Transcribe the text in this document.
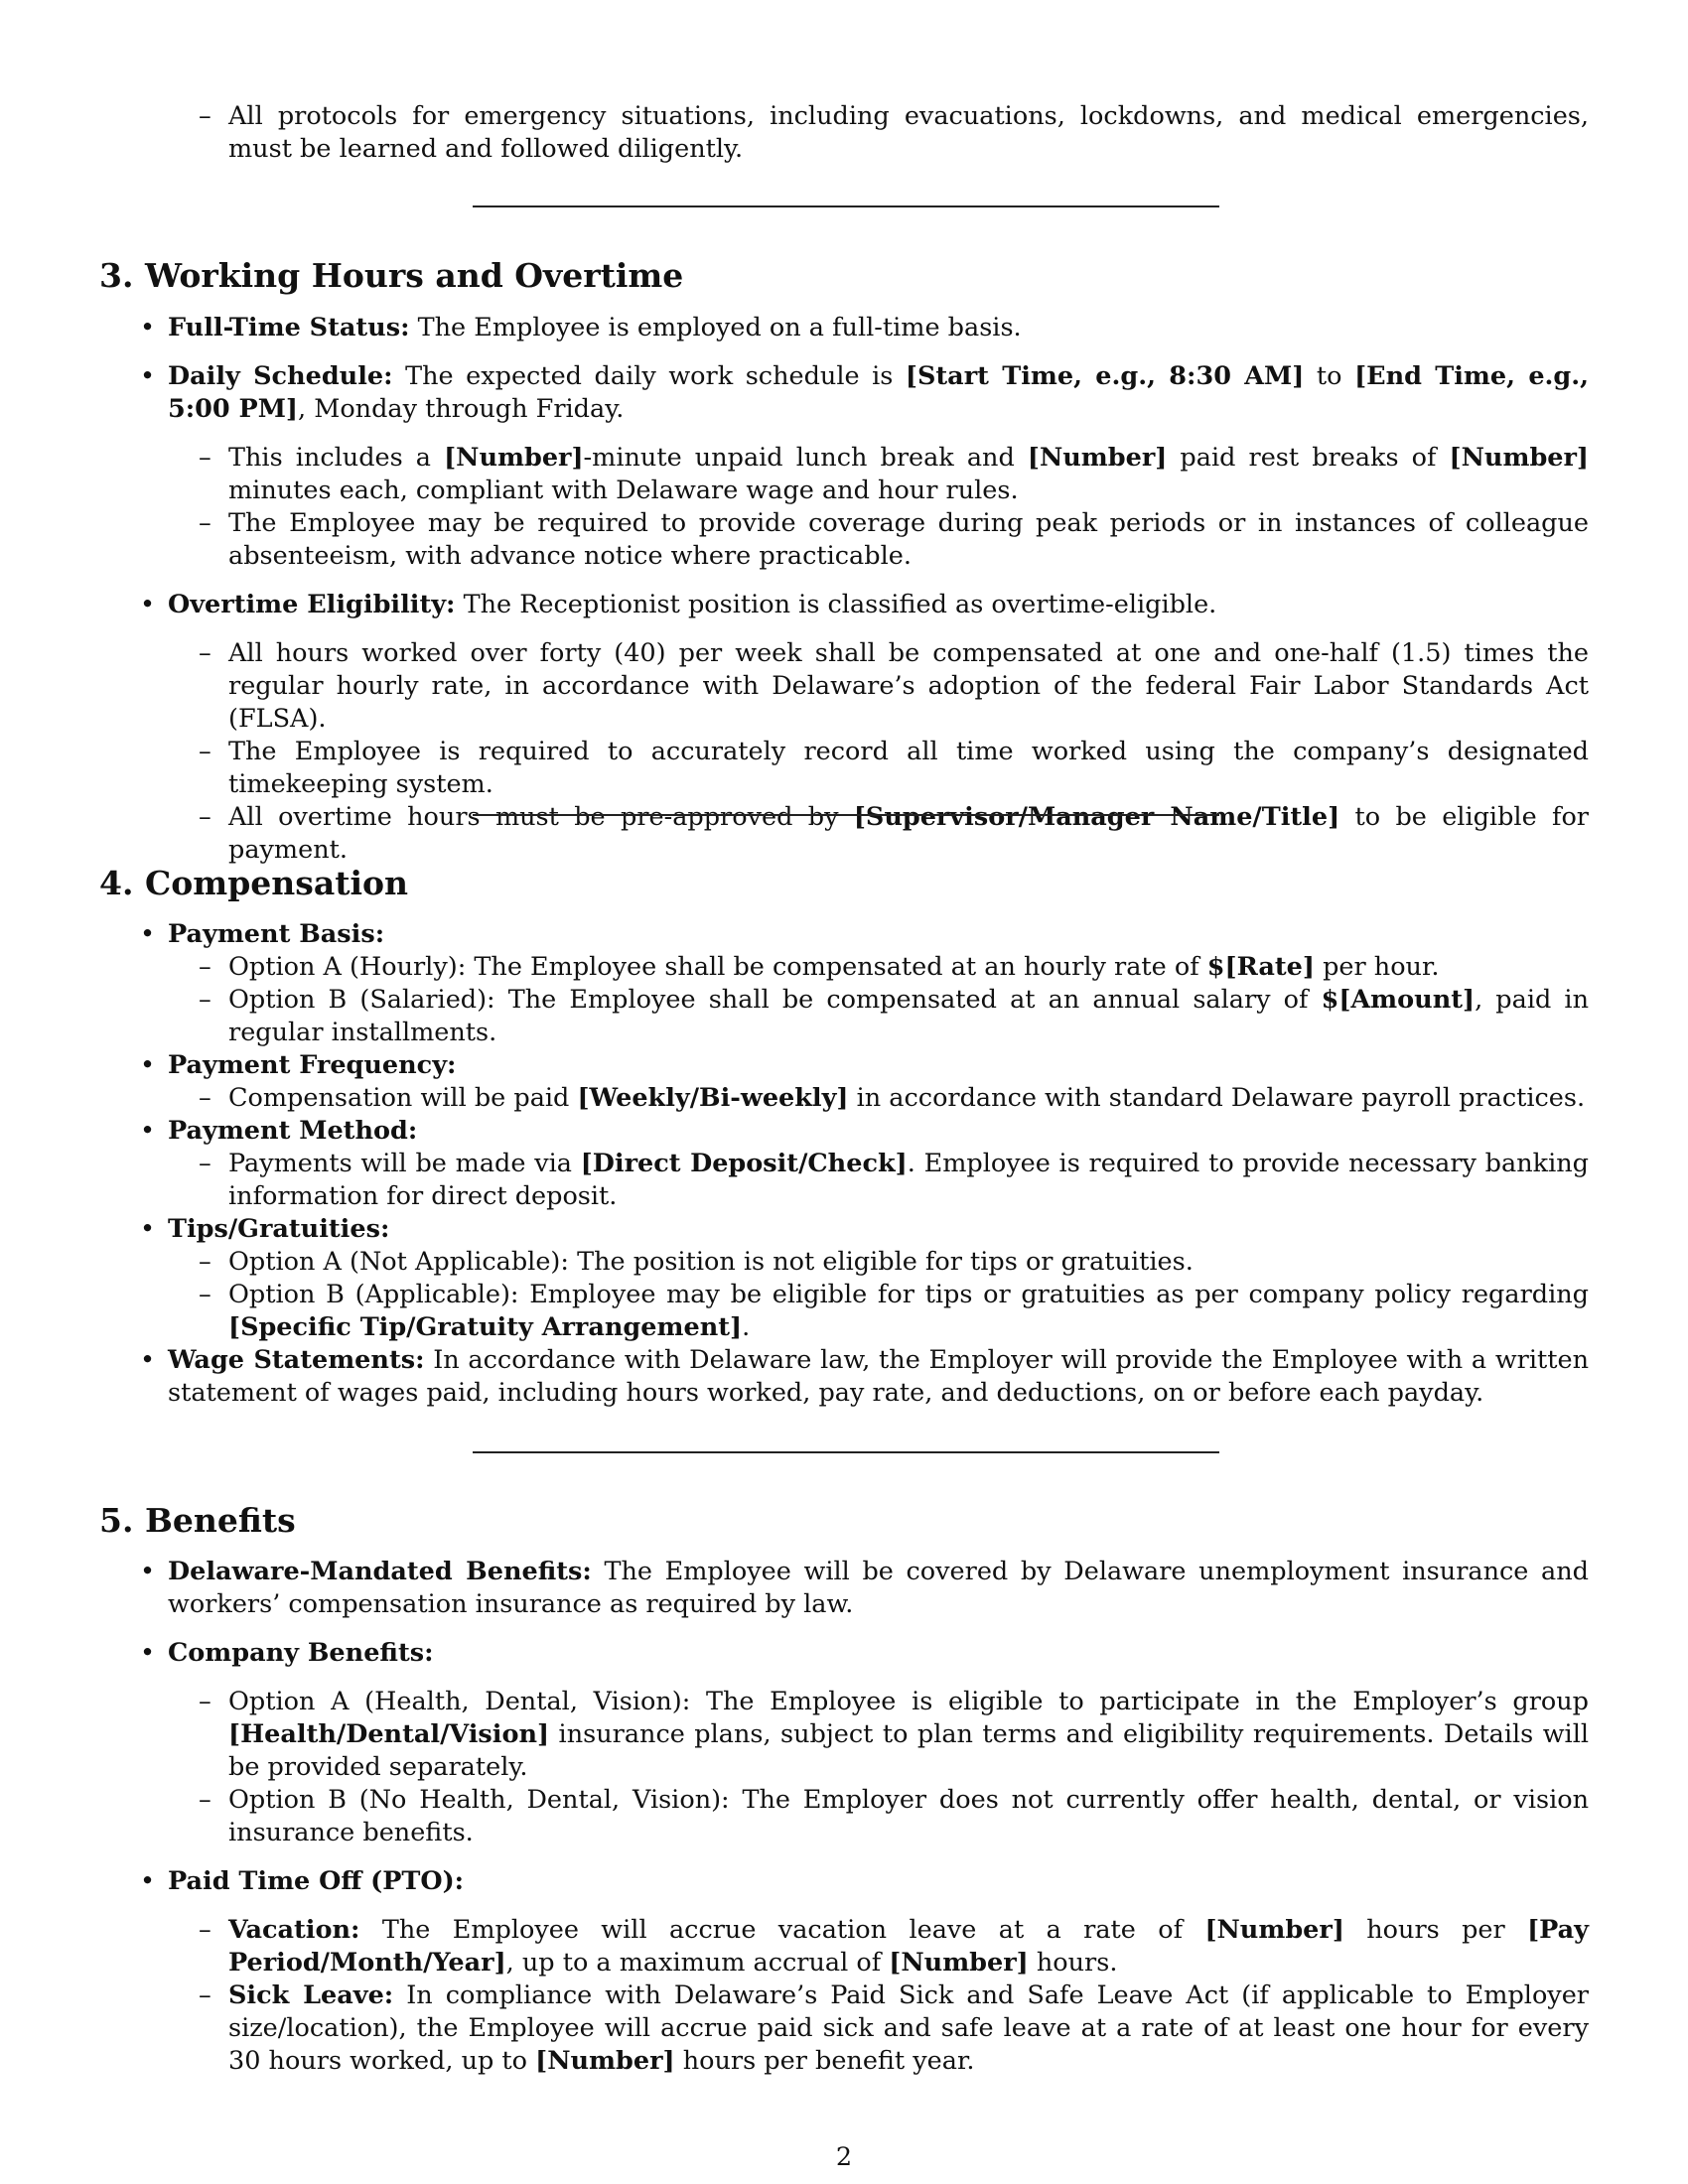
– All protocols for emergency situations, including evacuations, lockdowns, and medical emergencies, must be learned and followed diligently.
3. Working Hours and Overtime

• Full-Time Status: The Employee is employed on a full-time basis.

• Daily Schedule: The expected daily work schedule is [Start Time, e.g., 8:30 AM] to [End Time, e.g., 5:00 PM], Monday through Friday.

– This includes a [Number]-minute unpaid lunch break and [Number] paid rest breaks of [Number] minutes each, compliant with Delaware wage and hour rules.
– The Employee may be required to provide coverage during peak periods or in instances of colleague absenteeism, with advance notice where practicable.

• Overtime Eligibility: The Receptionist position is classified as overtime-eligible.

– All hours worked over forty (40) per week shall be compensated at one and one-half (1.5) times the regular hourly rate, in accordance with Delaware’s adoption of the federal Fair Labor Standards Act (FLSA).
– The Employee is required to accurately record all time worked using the company’s designated timekeeping system.
– All overtime hours must be pre-approved by [Supervisor/Manager Name/Title] to be eligible for payment.
4. Compensation

• Payment Basis:

– Option A (Hourly): The Employee shall be compensated at an hourly rate of $[Rate] per hour.
– Option B (Salaried): The Employee shall be compensated at an annual salary of $[Amount], paid in regular installments.

• Payment Frequency:

– Compensation will be paid [Weekly/Bi-weekly] in accordance with standard Delaware payroll practices.

• Payment Method:

– Payments will be made via [Direct Deposit/Check]. Employee is required to provide necessary banking information for direct deposit.

• Tips/Gratuities:

– Option A (Not Applicable): The position is not eligible for tips or gratuities.
– Option B (Applicable): Employee may be eligible for tips or gratuities as per company policy regarding [Specific Tip/Gratuity Arrangement].

• Wage Statements: In accordance with Delaware law, the Employer will provide the Employee with a written statement of wages paid, including hours worked, pay rate, and deductions, on or before each payday.

5. Benefits

• Delaware-Mandated Benefits: The Employee will be covered by Delaware unemployment insurance and workers’ compensation insurance as required by law.

• Company Benefits:

– Option A (Health, Dental, Vision): The Employee is eligible to participate in the Employer’s group [Health/Dental/Vision] insurance plans, subject to plan terms and eligibility requirements. Details will be provided separately.
– Option B (No Health, Dental, Vision): The Employer does not currently offer health, dental, or vision insurance benefits.

• Paid Time Off (PTO):

– Vacation: The Employee will accrue vacation leave at a rate of [Number] hours per [Pay Period/Month/Year], up to a maximum accrual of [Number] hours.
– Sick Leave: In compliance with Delaware’s Paid Sick and Safe Leave Act (if applicable to Employer size/location), the Employee will accrue paid sick and safe leave at a rate of at least one hour for every 30 hours worked, up to [Number] hours per benefit year.
2
